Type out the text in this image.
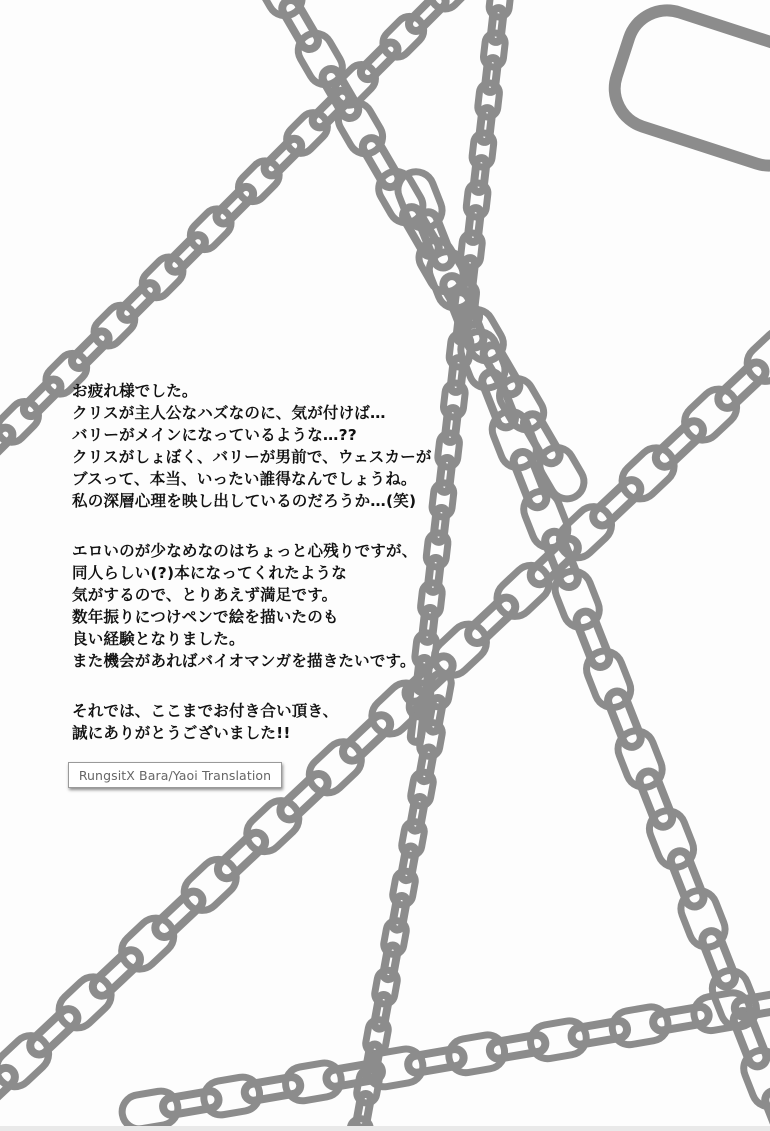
お疲れ様でした。
クリスが主人公なハズなのに、気が付けば…
バリーがメインになっているような…??
クリスがしょぼく、バリーが男前で、ウェスカーが
ブスって、本当、いったい誰得なんでしょうね。
私の深層心理を映し出しているのだろうか…(笑)
エロいのが少なめなのはちょっと心残りですが、
同人らしい(?)本になってくれたような
気がするので、とりあえず満足です。
数年振りにつけペンで絵を描いたのも
良い経験となりました。
また機会があればバイオマンガを描きたいです。
それでは、ここまでお付き合い頂き、
誠にありがとうございました!!
RungsitX Bara/Yaoi Translation
